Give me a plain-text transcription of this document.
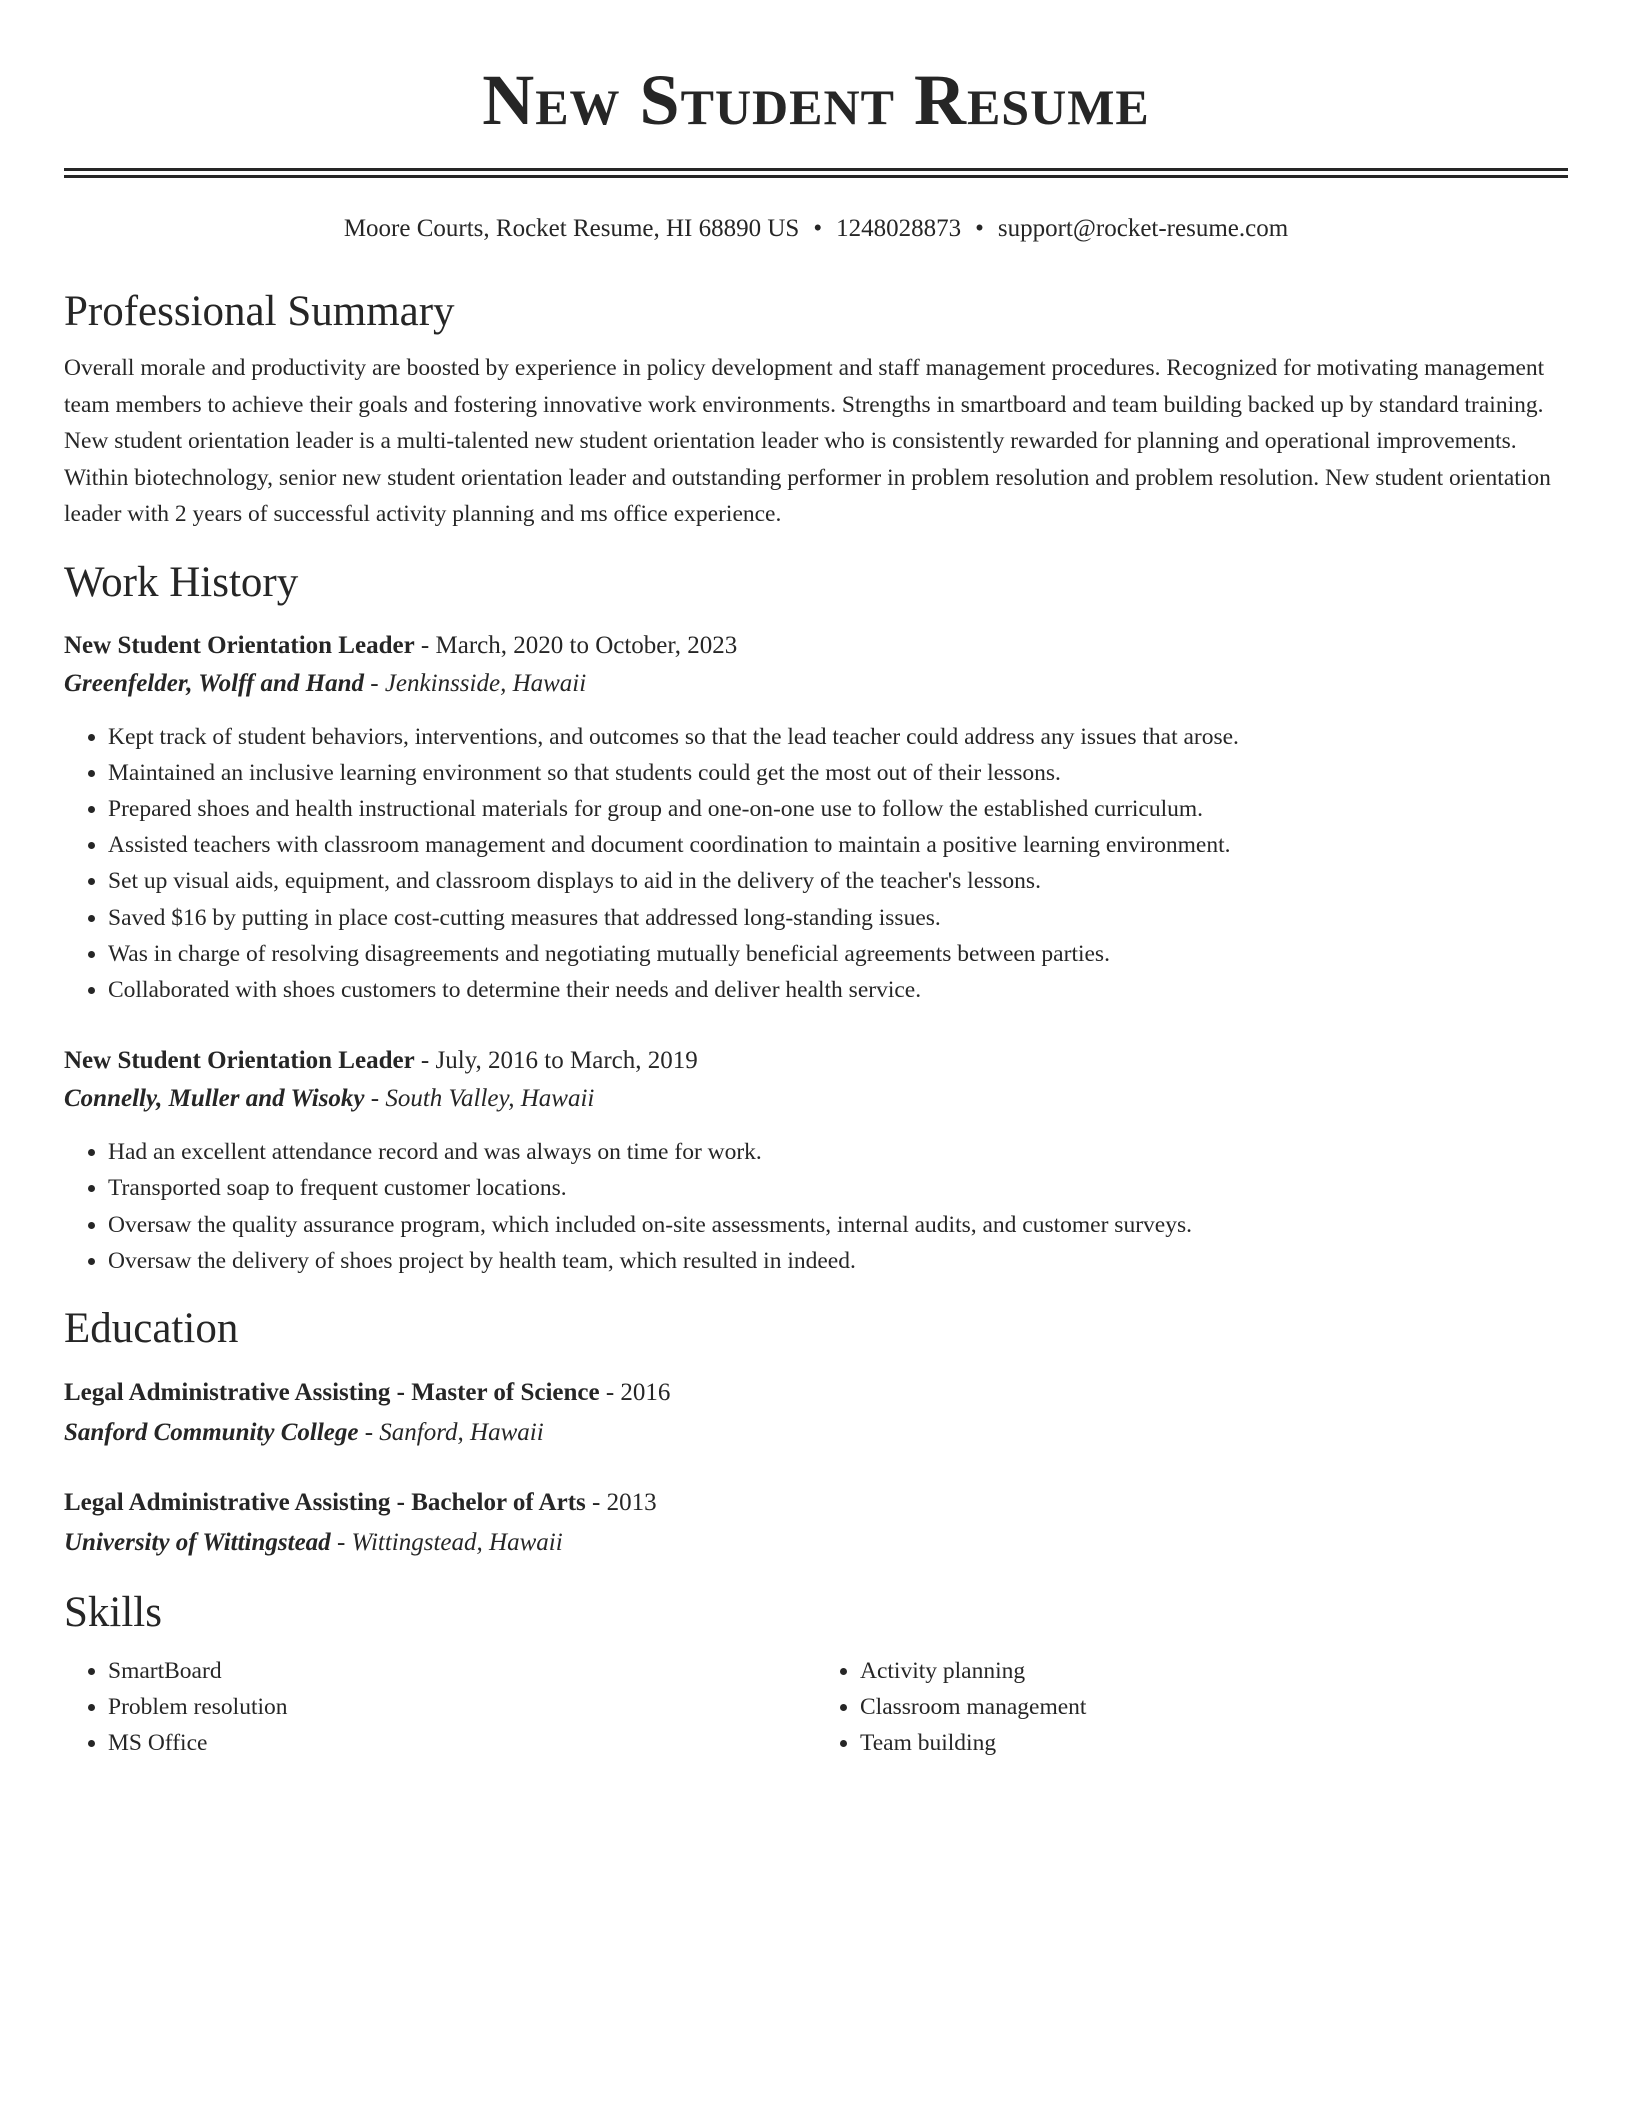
New Student Resume
Moore Courts, Rocket Resume, HI 68890 US • 1248028873 • support@rocket-resume.com
Professional Summary

Overall morale and productivity are boosted by experience in policy development and staff management procedures. Recognized for motivating management team members to achieve their goals and fostering innovative work environments. Strengths in smartboard and team building backed up by standard training. New student orientation leader is a multi-talented new student orientation leader who is consistently rewarded for planning and operational improvements. Within biotechnology, senior new student orientation leader and outstanding performer in problem resolution and problem resolution. New student orientation leader with 2 years of successful activity planning and ms office experience.

Work History
New Student Orientation Leader - March, 2020 to October, 2023
Greenfelder, Wolff and Hand - Jenkinsside, Hawaii
• Kept track of student behaviors, interventions, and outcomes so that the lead teacher could address any issues that arose.
• Maintained an inclusive learning environment so that students could get the most out of their lessons.
• Prepared shoes and health instructional materials for group and one-on-one use to follow the established curriculum.
• Assisted teachers with classroom management and document coordination to maintain a positive learning environment.
• Set up visual aids, equipment, and classroom displays to aid in the delivery of the teacher's lessons.
• Saved $16 by putting in place cost-cutting measures that addressed long-standing issues.
• Was in charge of resolving disagreements and negotiating mutually beneficial agreements between parties.
• Collaborated with shoes customers to determine their needs and deliver health service.
New Student Orientation Leader - July, 2016 to March, 2019
Connelly, Muller and Wisoky - South Valley, Hawaii
• Had an excellent attendance record and was always on time for work.
• Transported soap to frequent customer locations.
• Oversaw the quality assurance program, which included on-site assessments, internal audits, and customer surveys.
• Oversaw the delivery of shoes project by health team, which resulted in indeed.
Education
Legal Administrative Assisting - Master of Science - 2016
Sanford Community College - Sanford, Hawaii
Legal Administrative Assisting - Bachelor of Arts - 2013
University of Wittingstead - Wittingstead, Hawaii
Skills
• SmartBoard
• Problem resolution
• MS Office
• Activity planning
• Classroom management
• Team building
